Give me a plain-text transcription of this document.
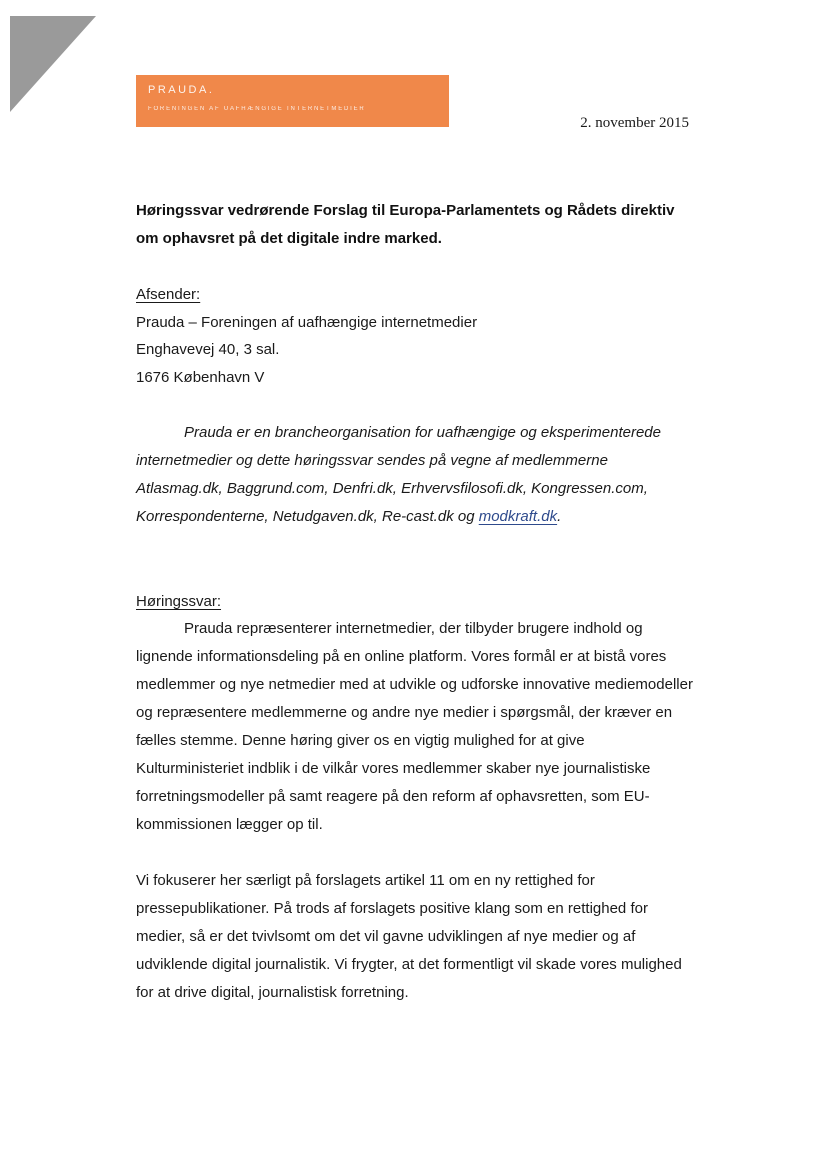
PRAUDA.
FORENINGEN AF UAFHÆNGIGE INTERNETMEDIER
2. november 2015
Høringssvar vedrørende Forslag til Europa-Parlamentets og Rådets direktiv om ophavsret på det digitale indre marked.

Afsender:

Prauda – Foreningen af uafhængige internetmedier

Enghavevej 40, 3 sal.

1676 København V

Prauda er en brancheorganisation for uafhængige og eksperimenterede internetmedier og dette høringssvar sendes på vegne af medlemmerne Atlasmag.dk, Baggrund.com, Denfri.dk, Erhvervsfilosofi.dk, Kongressen.com, Korrespondenterne, Netudgaven.dk, Re-cast.dk og modkraft.dk.

Høringssvar:

Prauda repræsenterer internetmedier, der tilbyder brugere indhold og lignende informationsdeling på en online platform. Vores formål er at bistå vores medlemmer og nye netmedier med at udvikle og udforske innovative mediemodeller og repræsentere medlemmerne og andre nye medier i spørgsmål, der kræver en fælles stemme. Denne høring giver os en vigtig mulighed for at give Kulturministeriet indblik i de vilkår vores medlemmer skaber nye journalistiske forretningsmodeller på samt reagere på den reform af ophavsretten, som EU-kommissionen lægger op til.

Vi fokuserer her særligt på forslagets artikel 11 om en ny rettighed for pressepublikationer. På trods af forslagets positive klang som en rettighed for medier, så er det tvivlsomt om det vil gavne udviklingen af nye medier og af udviklende digital journalistik. Vi frygter, at det formentligt vil skade vores mulighed for at drive digital, journalistisk forretning.
